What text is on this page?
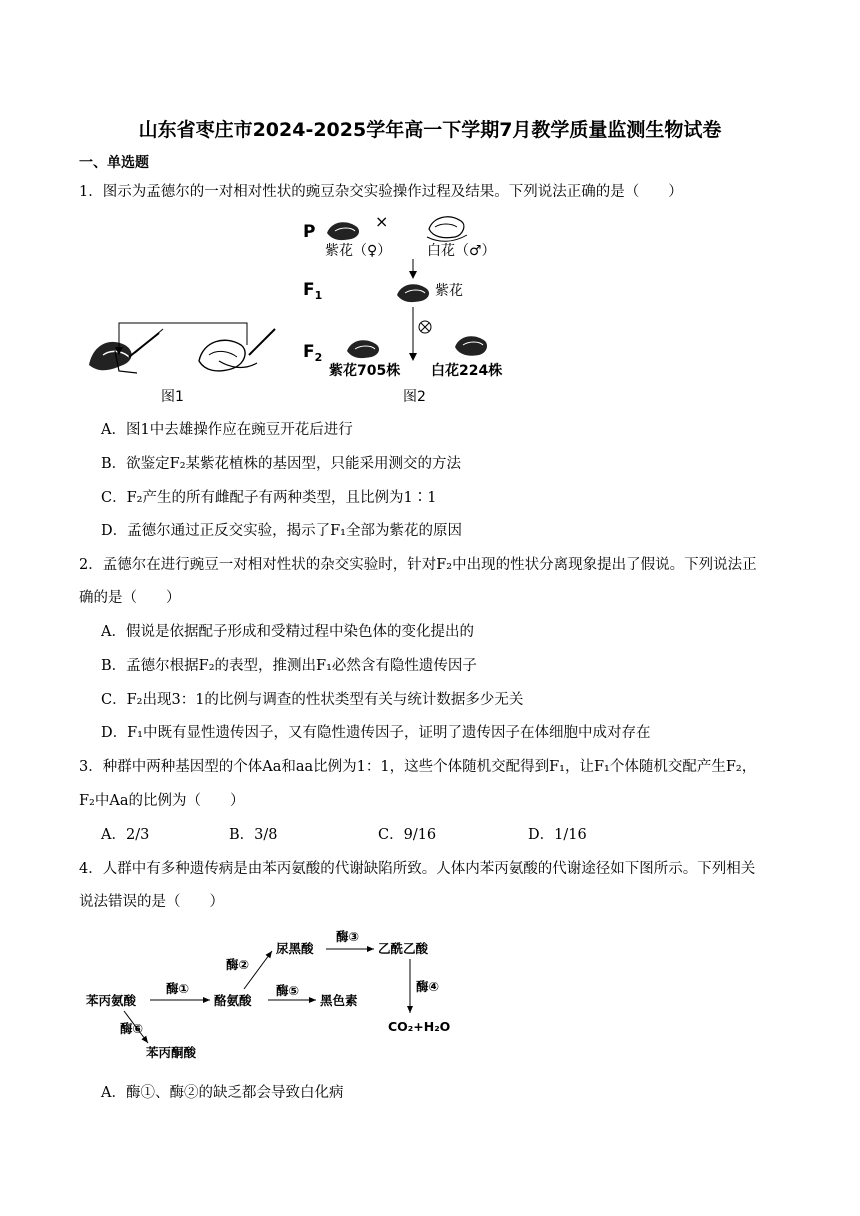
山东省枣庄市2024-2025学年高一下学期7月教学质量监测生物试卷
一、单选题
1．图示为孟德尔的一对相对性状的豌豆杂交实验操作过程及结果。下列说法正确的是（　　）
图1
P
×
紫花（♀）	白花（♂）
$F_1$	紫花
$F_2$
紫花705株 白花224株
图2
A．图1中去雄操作应在豌豆开花后进行
B．欲鉴定F₂某紫花植株的基因型，只能采用测交的方法
C．F₂产生的所有雌配子有两种类型，且比例为1∶1
D．孟德尔通过正反交实验，揭示了F₁全部为紫花的原因
2．孟德尔在进行豌豆一对相对性状的杂交实验时，针对F₂中出现的性状分离现象提出了假说。下列说法正
确的是（　　）
A．假说是依据配子形成和受精过程中染色体的变化提出的
B．孟德尔根据F₂的表型，推测出F₁必然含有隐性遗传因子
C．F₂出现3：1的比例与调查的性状类型有关与统计数据多少无关
D．F₁中既有显性遗传因子，又有隐性遗传因子，证明了遗传因子在体细胞中成对存在
3．种群中两种基因型的个体Aa和aa比例为1：1，这些个体随机交配得到F₁，让F₁个体随机交配产生F₂，
F₂中Aa的比例为（　　）
A．2/3	B．3/8	C．9/16	D．1/16
4．人群中有多种遗传病是由苯丙氨酸的代谢缺陷所致。人体内苯丙氨酸的代谢途径如下图所示。下列相关
说法错误的是（　　）
苯丙氨酸	酪氨酸
尿黑酸	乙酰乙酸
黑色素
苯丙酮酸
CO₂+H₂O
酶①
酶②
酶③
酶④
酶⑤
酶⑥
A．酶①、酶②的缺乏都会导致白化病
